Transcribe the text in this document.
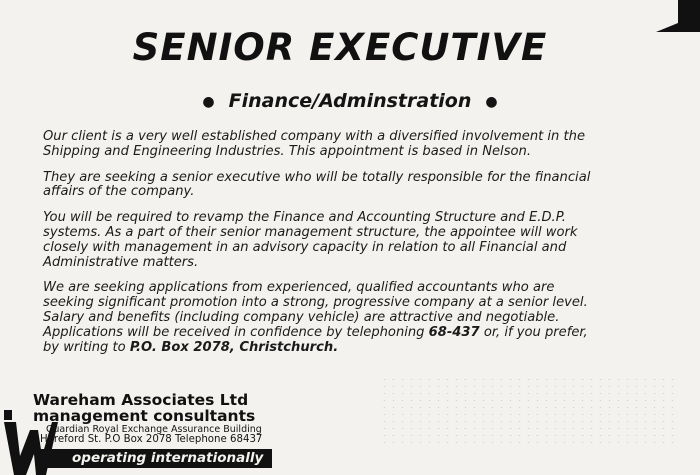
SENIOR EXECUTIVE
● Finance/Adminstration ●

Our client is a very well established company with a diversified involvement in the
Shipping and Engineering Industries. This appointment is based in Nelson.

They are seeking a senior executive who will be totally responsible for the financial
affairs of the company.

You will be required to revamp the Finance and Accounting Structure and E.D.P.
systems. As a part of their senior management structure, the appointee will work
closely with management in an advisory capacity in relation to all Financial and
Administrative matters.

We are seeking applications from experienced, qualified accountants who are
seeking significant promotion into a strong, progressive company at a senior level.
Salary and benefits (including company vehicle) are attractive and negotiable.
Applications will be received in confidence by telephoning 68-437 or, if you prefer,
by writing to P.O. Box 2078, Christchurch.

Wareham Associates Ltd
management consultants
Guardian Royal Exchange Assurance Building
Hereford St. P.O Box 2078 Telephone 68437
operating internationally
